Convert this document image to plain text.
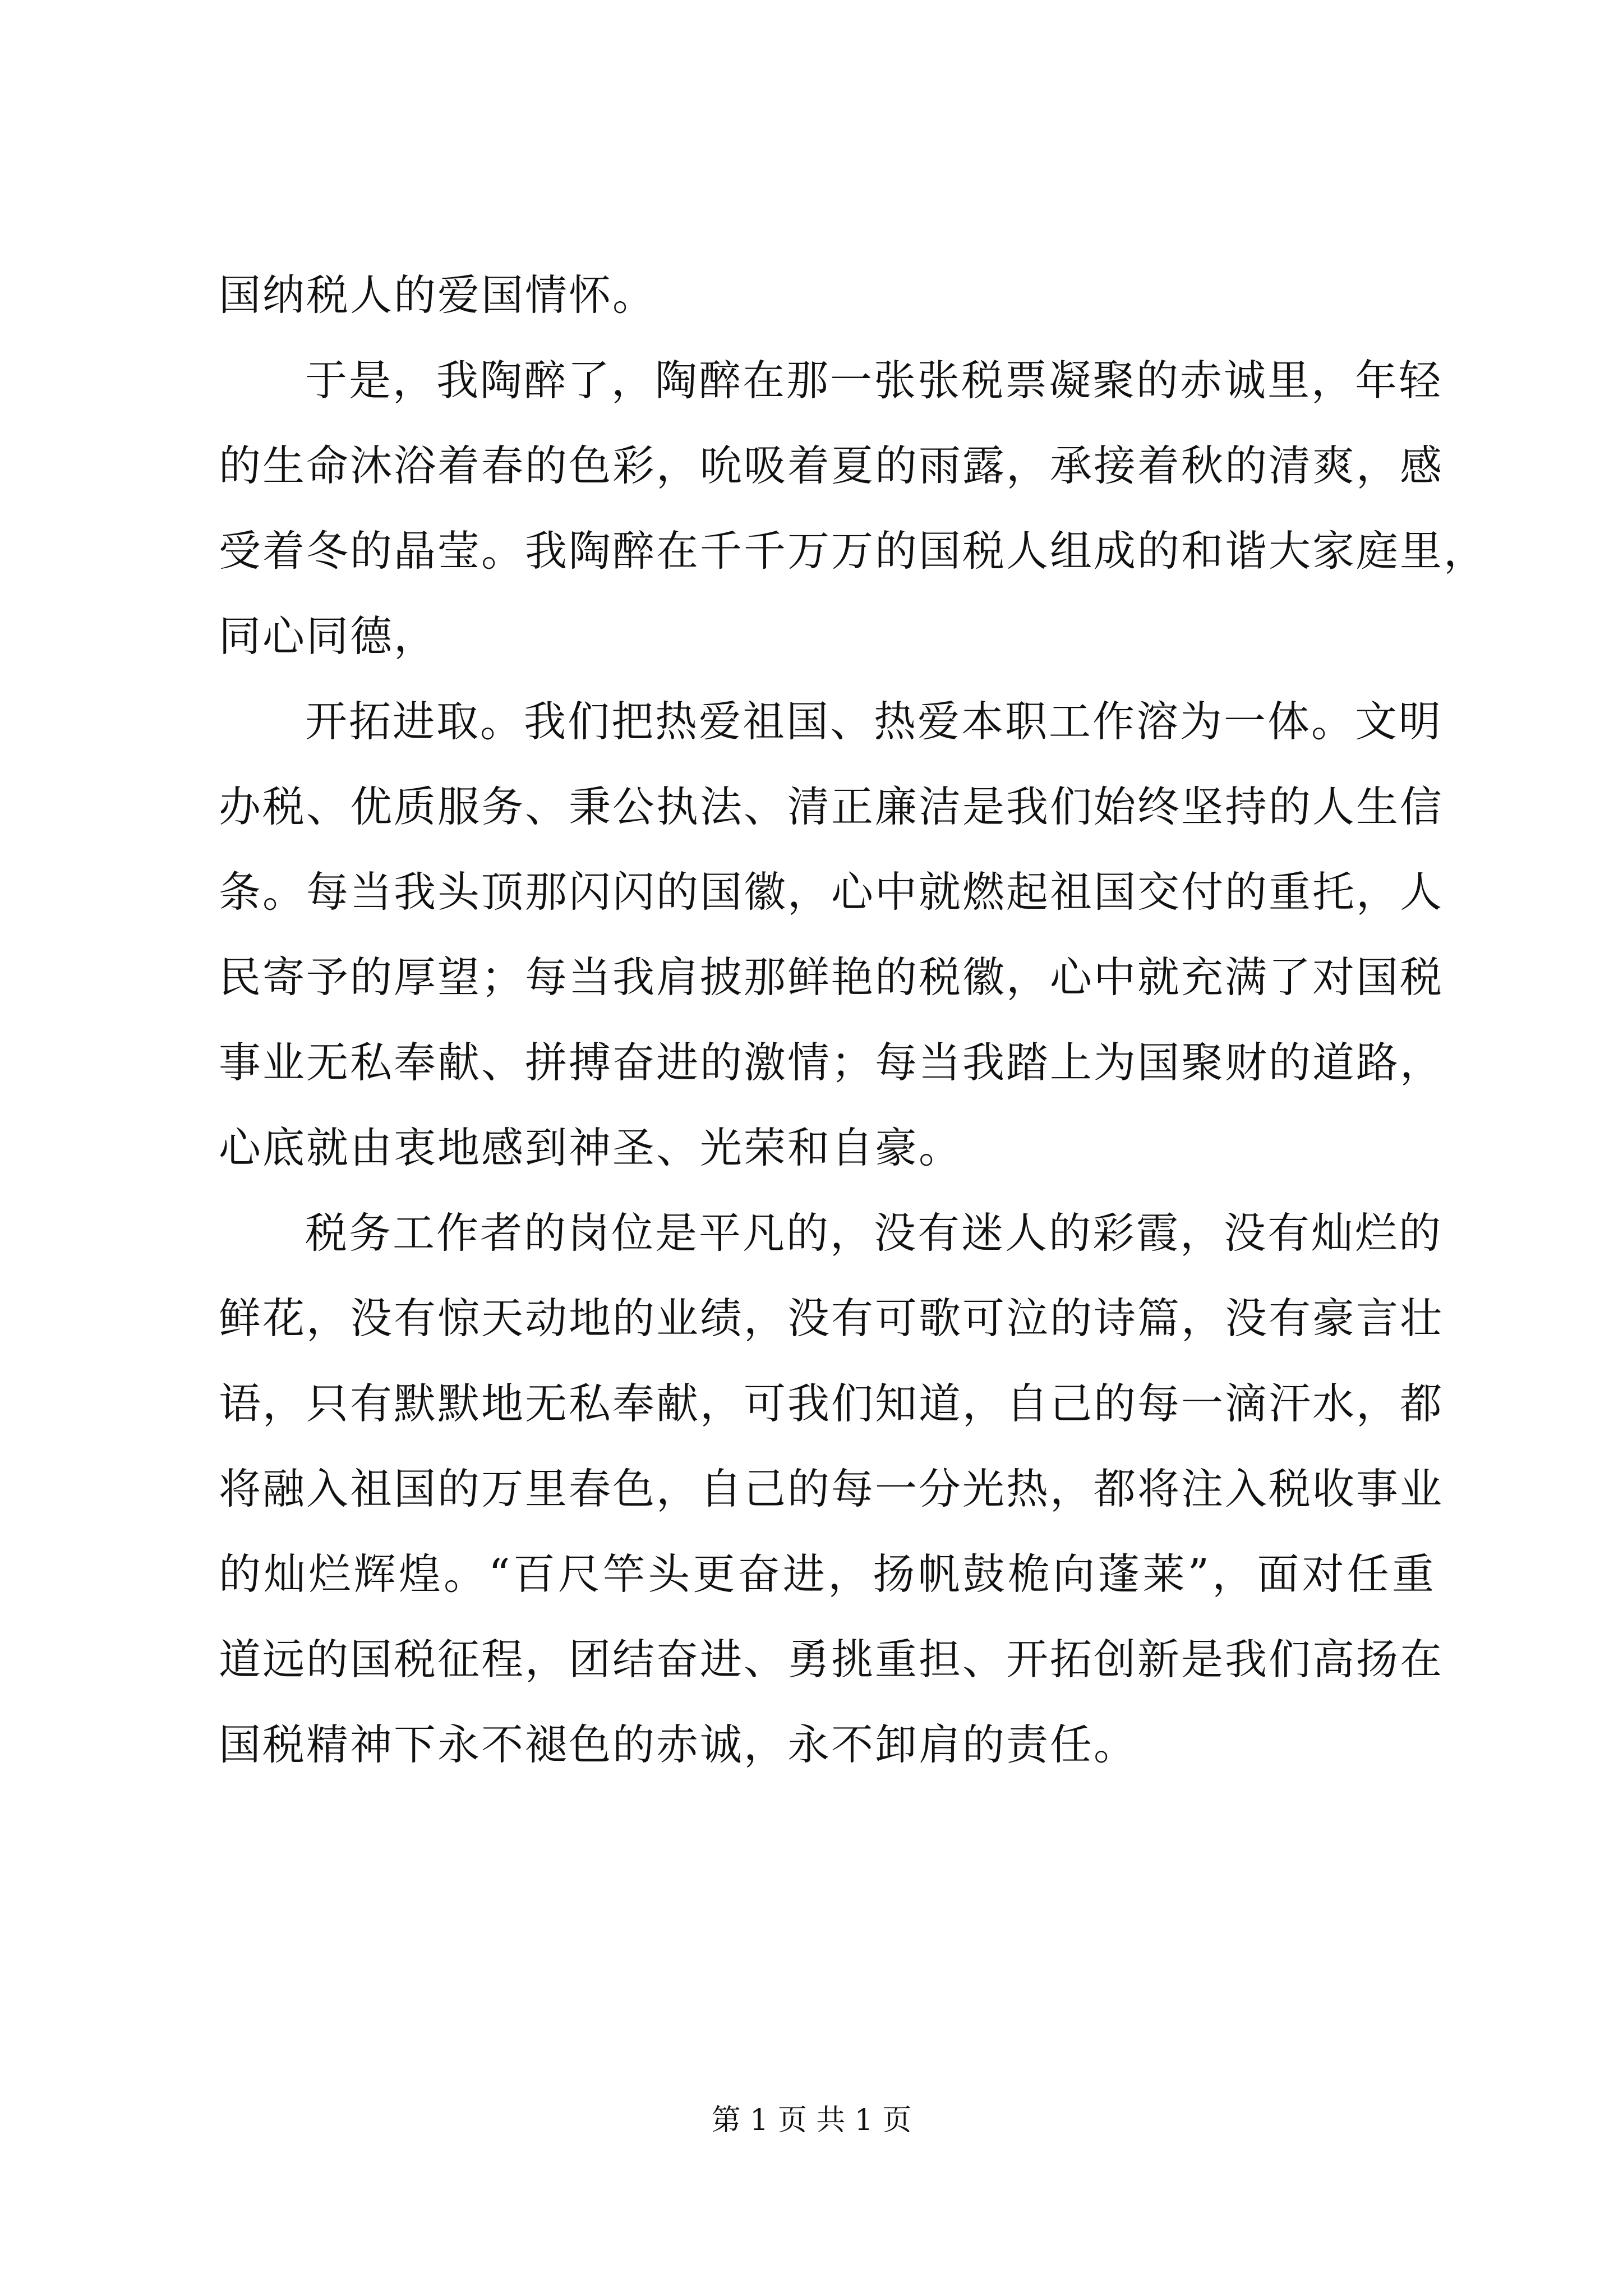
国纳税人的爱国情怀。
于是，我陶醉了，陶醉在那一张张税票凝聚的赤诚里，年轻
的生命沐浴着春的色彩，吮吸着夏的雨露，承接着秋的清爽，感
受着冬的晶莹。我陶醉在千千万万的国税人组成的和谐大家庭里，
同心同德，
开拓进取。我们把热爱祖国、热爱本职工作溶为一体。文明
办税、优质服务、秉公执法、清正廉洁是我们始终坚持的人生信
条。每当我头顶那闪闪的国徽，心中就燃起祖国交付的重托，人
民寄予的厚望；每当我肩披那鲜艳的税徽，心中就充满了对国税
事业无私奉献、拼搏奋进的激情；每当我踏上为国聚财的道路，
心底就由衷地感到神圣、光荣和自豪。
税务工作者的岗位是平凡的，没有迷人的彩霞，没有灿烂的
鲜花，没有惊天动地的业绩，没有可歌可泣的诗篇，没有豪言壮
语，只有默默地无私奉献，可我们知道，自己的每一滴汗水，都
将融入祖国的万里春色，自己的每一分光热，都将注入税收事业
的灿烂辉煌。“百尺竿头更奋进，扬帆鼓桅向蓬莱”，面对任重
道远的国税征程，团结奋进、勇挑重担、开拓创新是我们高扬在
国税精神下永不褪色的赤诚，永不卸肩的责任。
第 1 页 共 1 页
